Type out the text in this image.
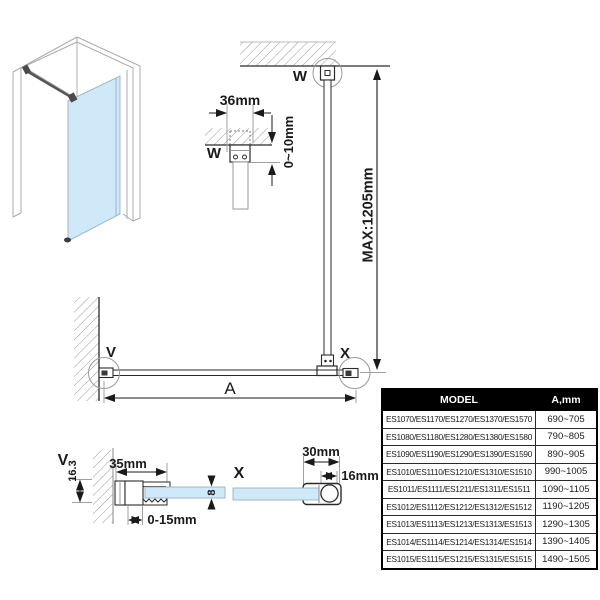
36mm
W	0~10mm
W
MAX:1205mm
V	X
A
V	35mm
16.3
8
0-15mm
X
30mm
16mm
MODEL	A,mm
ES1070/ES1170/ES1270/ES1370/ES1570	690~705
ES1080/ES1180/ES1280/ES1380/ES1580	790~805
ES1090/ES1190/ES1290/ES1390/ES1590	890~905
ES1010/ES1110/ES1210/ES1310/ES1510	990~1005
ES1011/ES1111/ES1211/ES1311/ES1511	1090~1105
ES1012/ES1112/ES1212/ES1312/ES1512	1190~1205
ES1013/ES1113/ES1213/ES1313/ES1513	1290~1305
ES1014/ES1114/ES1214/ES1314/ES1514	1390~1405
ES1015/ES1115/ES1215/ES1315/ES1515	1490~1505
